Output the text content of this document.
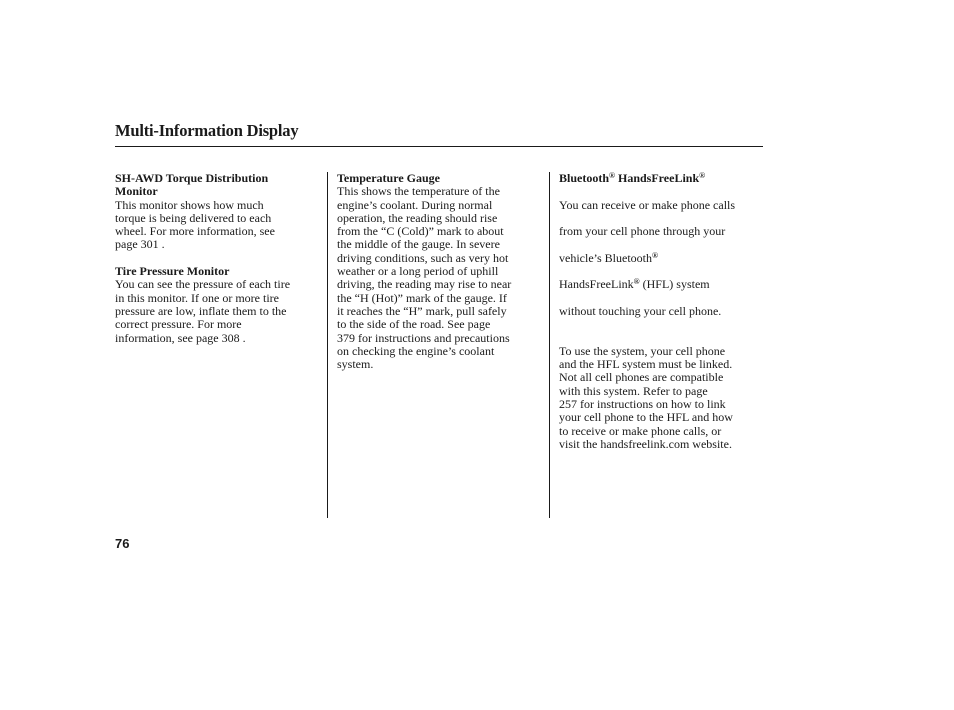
Multi-Information Display

SH-AWD Torque Distribution
Monitor

This monitor shows how much
torque is being delivered to each
wheel. For more information, see
page 301 .

Tire Pressure Monitor

You can see the pressure of each tire
in this monitor. If one or more tire
pressure are low, inflate them to the
correct pressure. For more
information, see page 308 .

Temperature Gauge

This shows the temperature of the
engine’s coolant. During normal
operation, the reading should rise
from the “C (Cold)” mark to about
the middle of the gauge. In severe
driving conditions, such as very hot
weather or a long period of uphill
driving, the reading may rise to near
the “H (Hot)” mark of the gauge. If
it reaches the “H” mark, pull safely
to the side of the road. See page
379 for instructions and precautions
on checking the engine’s coolant
system.

Bluetooth® HandsFreeLink®

You can receive or make phone calls

from your cell phone through your

vehicle’s Bluetooth®

HandsFreeLink® (HFL) system

without touching your cell phone.

To use the system, your cell phone
and the HFL system must be linked.
Not all cell phones are compatible
with this system. Refer to page
257 for instructions on how to link
your cell phone to the HFL and how
to receive or make phone calls, or
visit the handsfreelink.com website.

76
